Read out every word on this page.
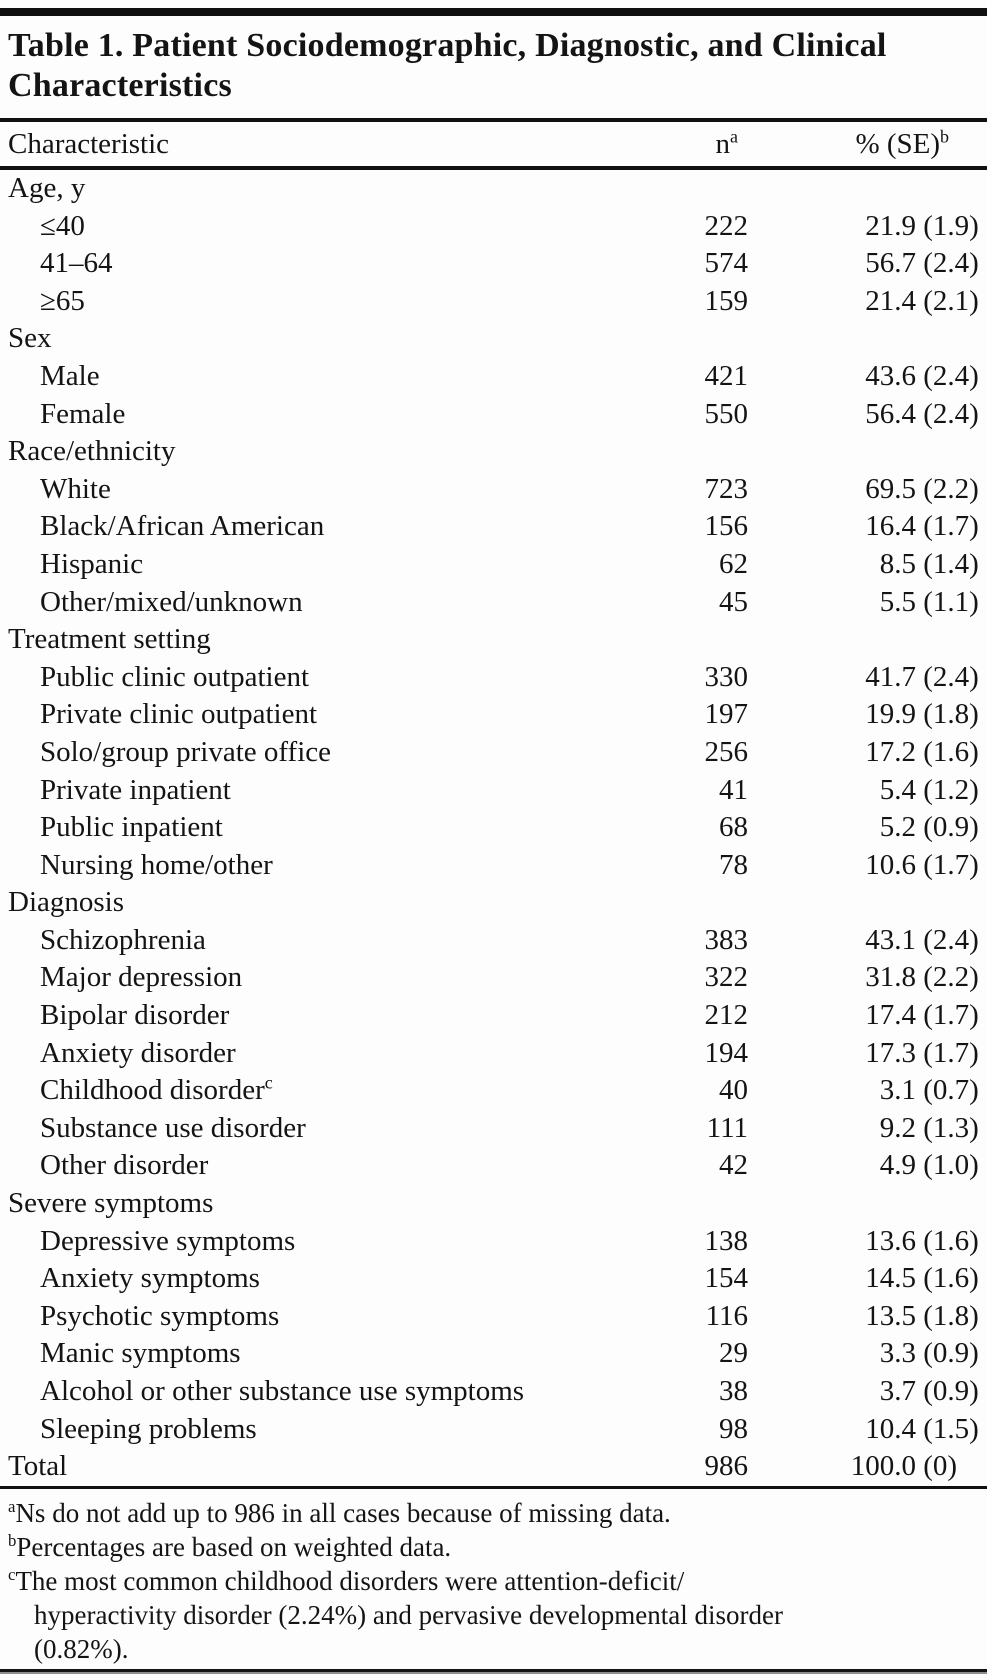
Table 1. Patient Sociodemographic, Diagnostic, and Clinical Characteristics
Characteristic	$n^a$	% (SE)$^b$
Age, y		
≤40	222	21.9 (1.9)
41–64	574	56.7 (2.4)
≥65	159	21.4 (2.1)
Sex		
Male	421	43.6 (2.4)
Female	550	56.4 (2.4)
Race/ethnicity		
White	723	69.5 (2.2)
Black/African American	156	16.4 (1.7)
Hispanic	62	8.5 (1.4)
Other/mixed/unknown	45	5.5 (1.1)
Treatment setting		
Public clinic outpatient	330	41.7 (2.4)
Private clinic outpatient	197	19.9 (1.8)
Solo/group private office	256	17.2 (1.6)
Private inpatient	41	5.4 (1.2)
Public inpatient	68	5.2 (0.9)
Nursing home/other	78	10.6 (1.7)
Diagnosis		
Schizophrenia	383	43.1 (2.4)
Major depression	322	31.8 (2.2)
Bipolar disorder	212	17.4 (1.7)
Anxiety disorder	194	17.3 (1.7)
Childhood disorder$^c$	40	3.1 (0.7)
Substance use disorder	111	9.2 (1.3)
Other disorder	42	4.9 (1.0)
Severe symptoms		
Depressive symptoms	138	13.6 (1.6)
Anxiety symptoms	154	14.5 (1.6)
Psychotic symptoms	116	13.5 (1.8)
Manic symptoms	29	3.3 (0.9)
Alcohol or other substance use symptoms	38	3.7 (0.9)
Sleeping problems	98	10.4 (1.5)
Total	986	100.0 (0)
$^a$Ns do not add up to 986 in all cases because of missing data.
$^b$Percentages are based on weighted data.
$^c$The most common childhood disorders were attention-deficit/
hyperactivity disorder (2.24%) and pervasive developmental disorder
(0.82%).
